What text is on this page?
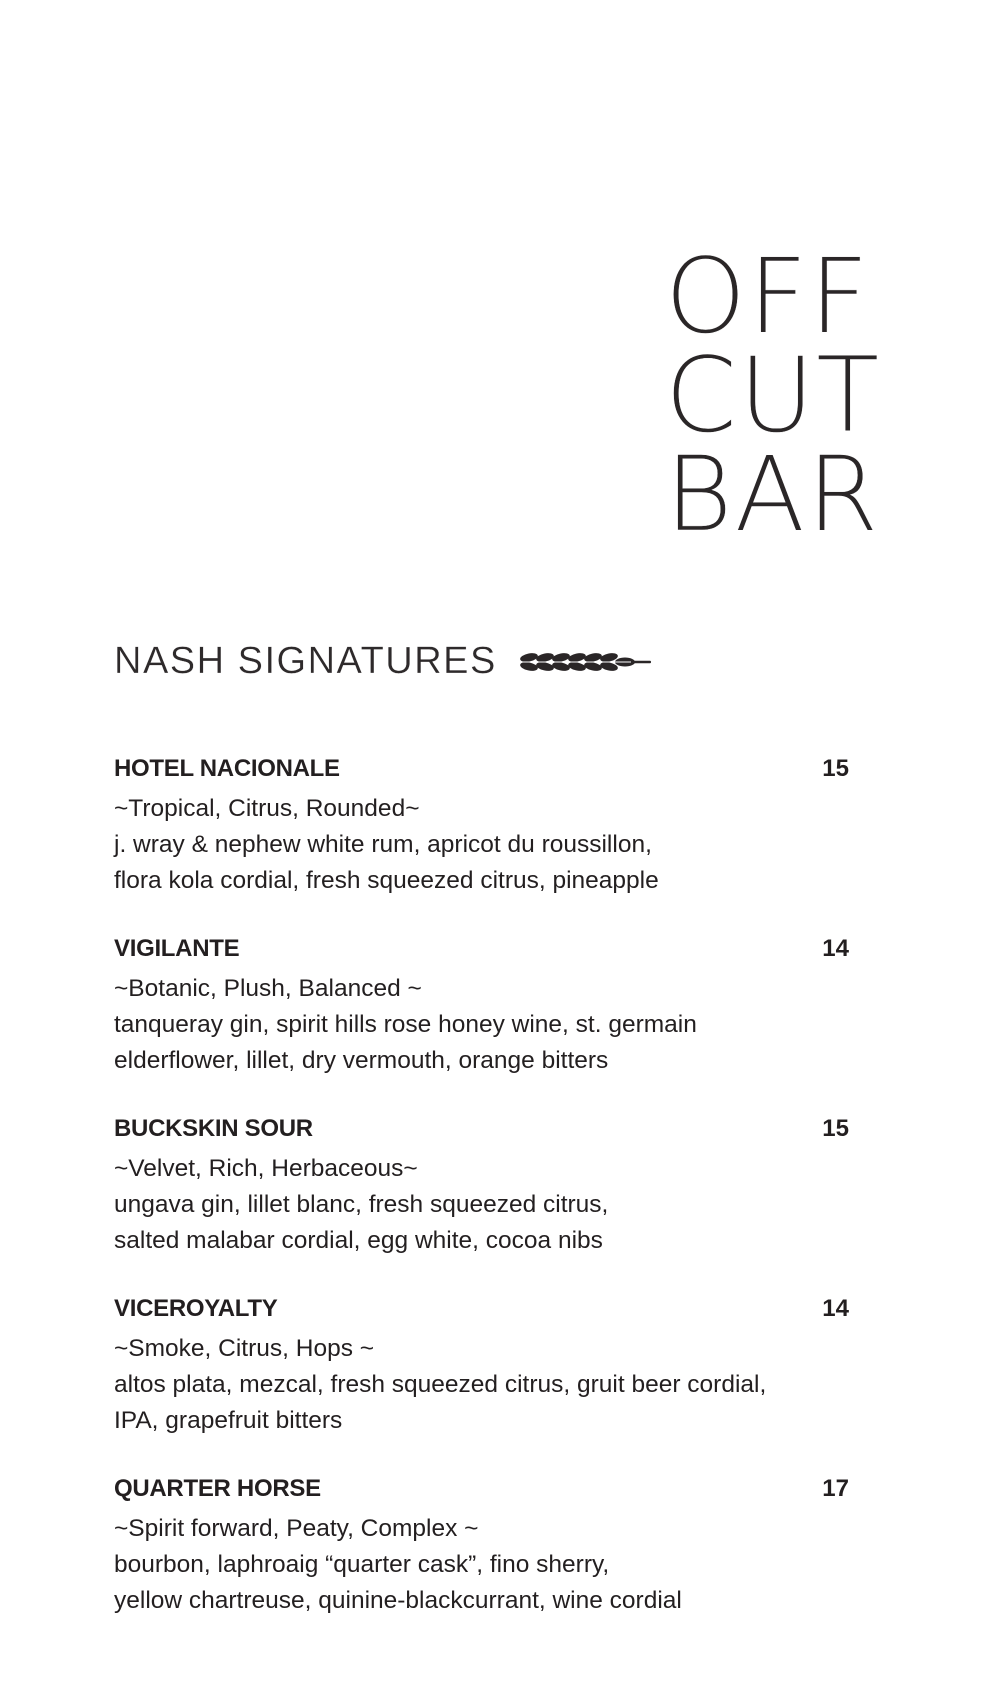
OFF
CUT
BAR
NASH SIGNATURES
HOTEL NACIONALE	15
~Tropical, Citrus, Rounded~
j. wray & nephew white rum, apricot du roussillon,
flora kola cordial, fresh squeezed citrus, pineapple
VIGILANTE	14
~Botanic, Plush, Balanced ~
tanqueray gin, spirit hills rose honey wine, st. germain
elderflower, lillet, dry vermouth, orange bitters
BUCKSKIN SOUR	15
~Velvet, Rich, Herbaceous~
ungava gin, lillet blanc, fresh squeezed citrus,
salted malabar cordial, egg white, cocoa nibs
VICEROYALTY	14
~Smoke, Citrus, Hops ~
altos plata, mezcal, fresh squeezed citrus, gruit beer cordial,
IPA, grapefruit bitters
QUARTER HORSE	17
~Spirit forward, Peaty, Complex ~
bourbon, laphroaig “quarter cask”, fino sherry,
yellow chartreuse, quinine-blackcurrant, wine cordial
